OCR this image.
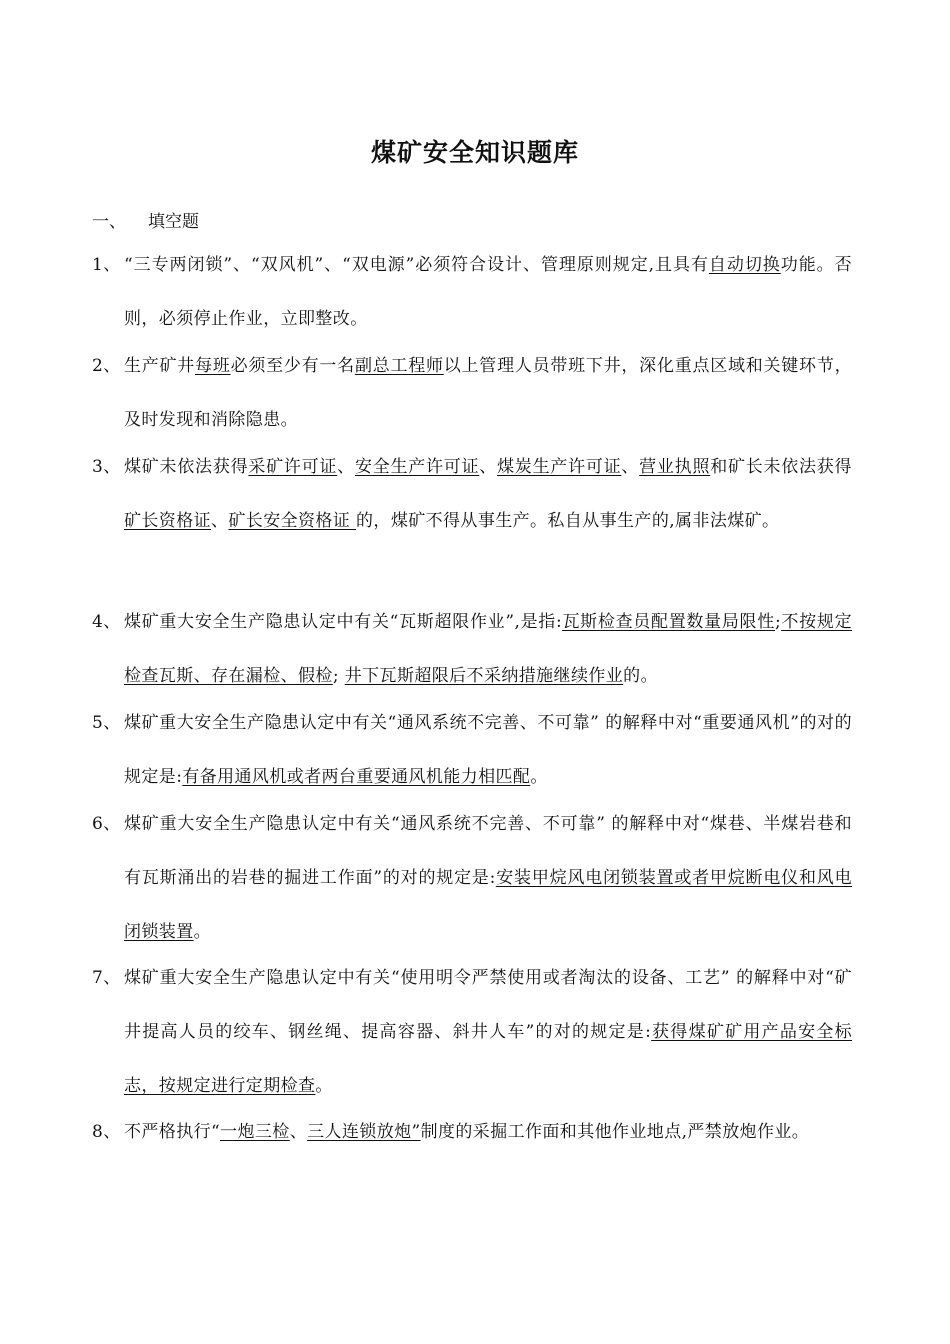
煤矿安全知识题库
一、 填空题
1、 “三专两闭锁”、“双风机”、“双电源”必须符合设计、管理原则规定,且具有自动切换功能。否则，必须停止作业，立即整改。
2、 生产矿井每班必须至少有一名副总工程师以上管理人员带班下井，深化重点区域和关键环节，及时发现和消除隐患。
3、 煤矿未依法获得采矿许可证、安全生产许可证、煤炭生产许可证、营业执照和矿长未依法获得矿长资格证、矿长安全资格证 的，煤矿不得从事生产。私自从事生产的,属非法煤矿。
4、 煤矿重大安全生产隐患认定中有关“瓦斯超限作业”,是指:瓦斯检查员配置数量局限性;不按规定检查瓦斯、存在漏检、假检; 井下瓦斯超限后不采纳措施继续作业的。
5、 煤矿重大安全生产隐患认定中有关“通风系统不完善、不可靠” 的解释中对“重要通风机”的对的规定是:有备用通风机或者两台重要通风机能力相匹配。
6、 煤矿重大安全生产隐患认定中有关“通风系统不完善、不可靠” 的解释中对“煤巷、半煤岩巷和有瓦斯涌出的岩巷的掘进工作面”的对的规定是:安装甲烷风电闭锁装置或者甲烷断电仪和风电闭锁装置。
7、 煤矿重大安全生产隐患认定中有关“使用明令严禁使用或者淘汰的设备、工艺” 的解释中对“矿井提高人员的绞车、钢丝绳、提高容器、斜井人车”的对的规定是:获得煤矿矿用产品安全标志，按规定进行定期检查。
8、 不严格执行“一炮三检、三人连锁放炮”制度的采掘工作面和其他作业地点,严禁放炮作业。
